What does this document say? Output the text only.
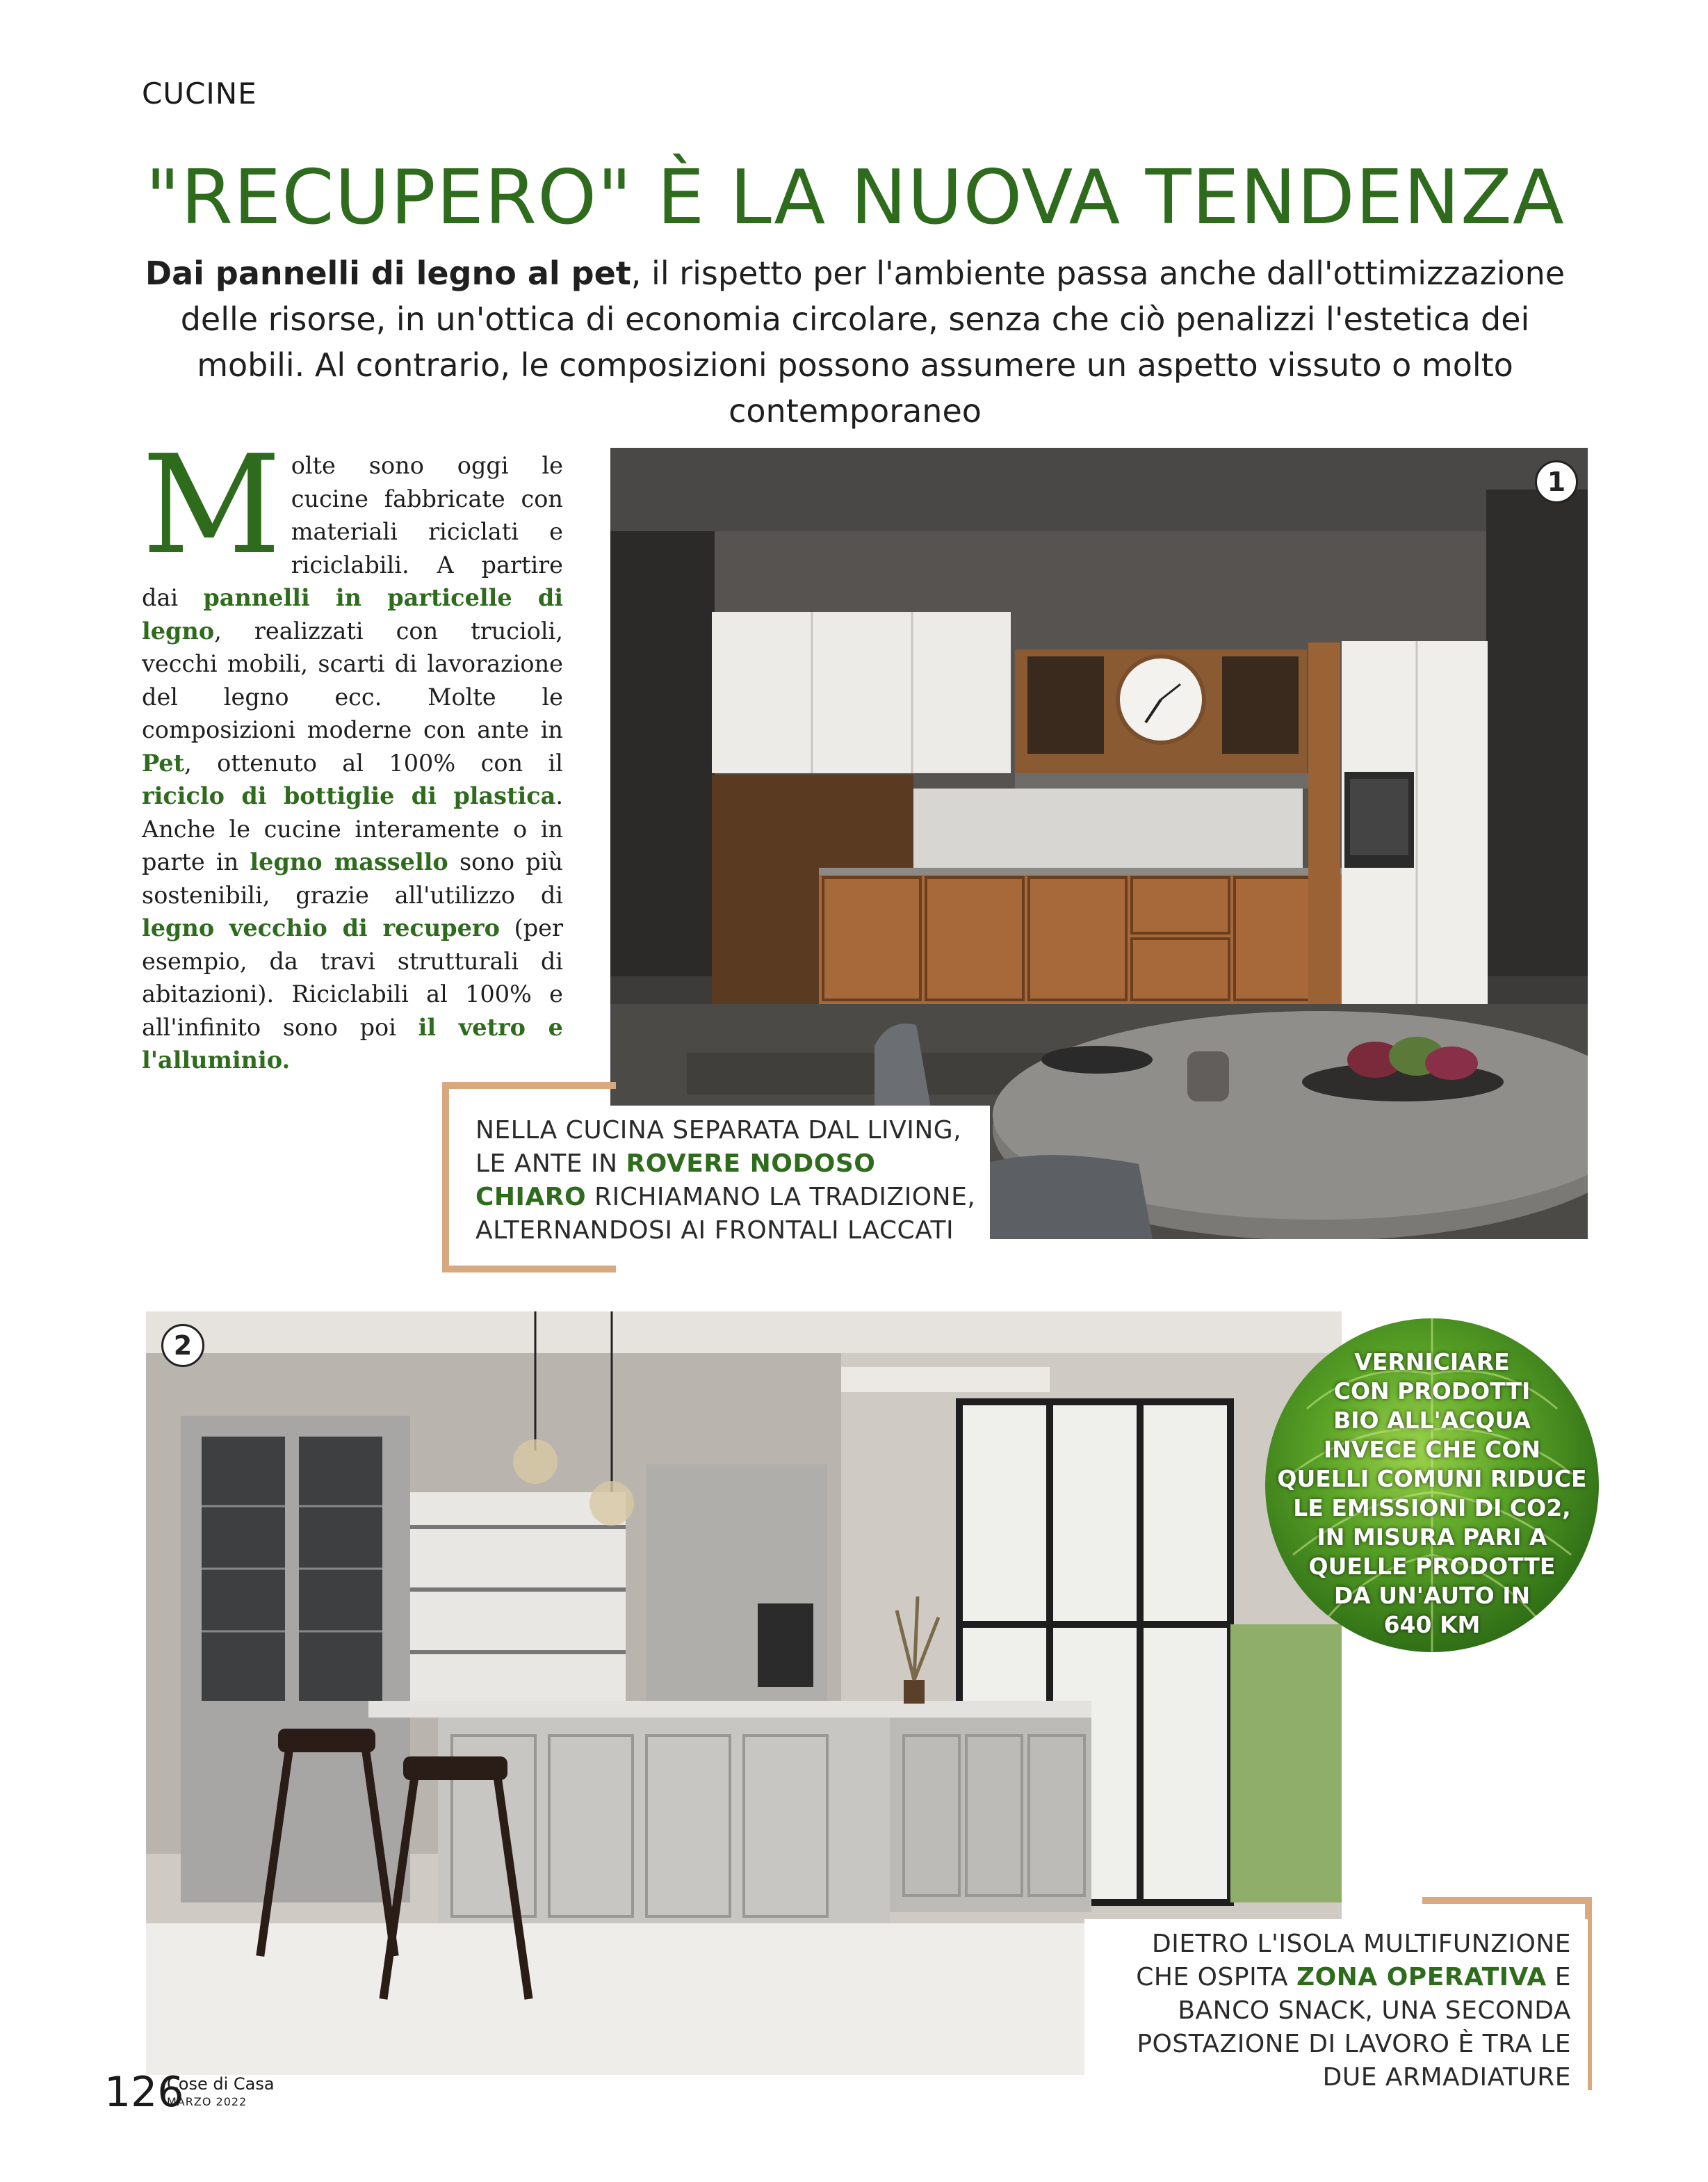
CUCINE
"RECUPERO" È LA NUOVA TENDENZA
Dai pannelli di legno al pet, il rispetto per l'ambiente passa anche dall'ottimizzazione delle risorse, in un'ottica di economia circolare, senza che ciò penalizzi l'estetica dei mobili. Al contrario, le composizioni possono assumere un aspetto vissuto o molto contemporaneo
Molte sono oggi le cucine fabbricate con materiali riciclati e riciclabili. A partire dai pannelli in particelle di legno, realizzati con trucioli, vecchi mobili, scarti di lavorazione del legno ecc. Molte le composizioni moderne con ante in Pet, ottenuto al 100% con il riciclo di bottiglie di plastica. Anche le cucine interamente o in parte in legno massello sono più sostenibili, grazie all'utilizzo di legno vecchio di recupero (per esempio, da travi strutturali di abitazioni). Riciclabili al 100% e all'infinito sono poi il vetro e l'alluminio.
1
NELLA CUCINA SEPARATA DAL LIVING, LE ANTE IN ROVERE NODOSO CHIARO RICHIAMANO LA TRADIZIONE, ALTERNANDOSI AI FRONTALI LACCATI
2
VERNICIARE
CON PRODOTTI
BIO ALL'ACQUA
INVECE CHE CON
QUELLI COMUNI RIDUCE
LE EMISSIONI DI CO2,
IN MISURA PARI A
QUELLE PRODOTTE
DA UN'AUTO IN
640 KM
DIETRO L'ISOLA MULTIFUNZIONE CHE OSPITA ZONA OPERATIVA E BANCO SNACK, UNA SECONDA POSTAZIONE DI LAVORO È TRA LE DUE ARMADIATURE
126
Cose di Casa
MARZO 2022
